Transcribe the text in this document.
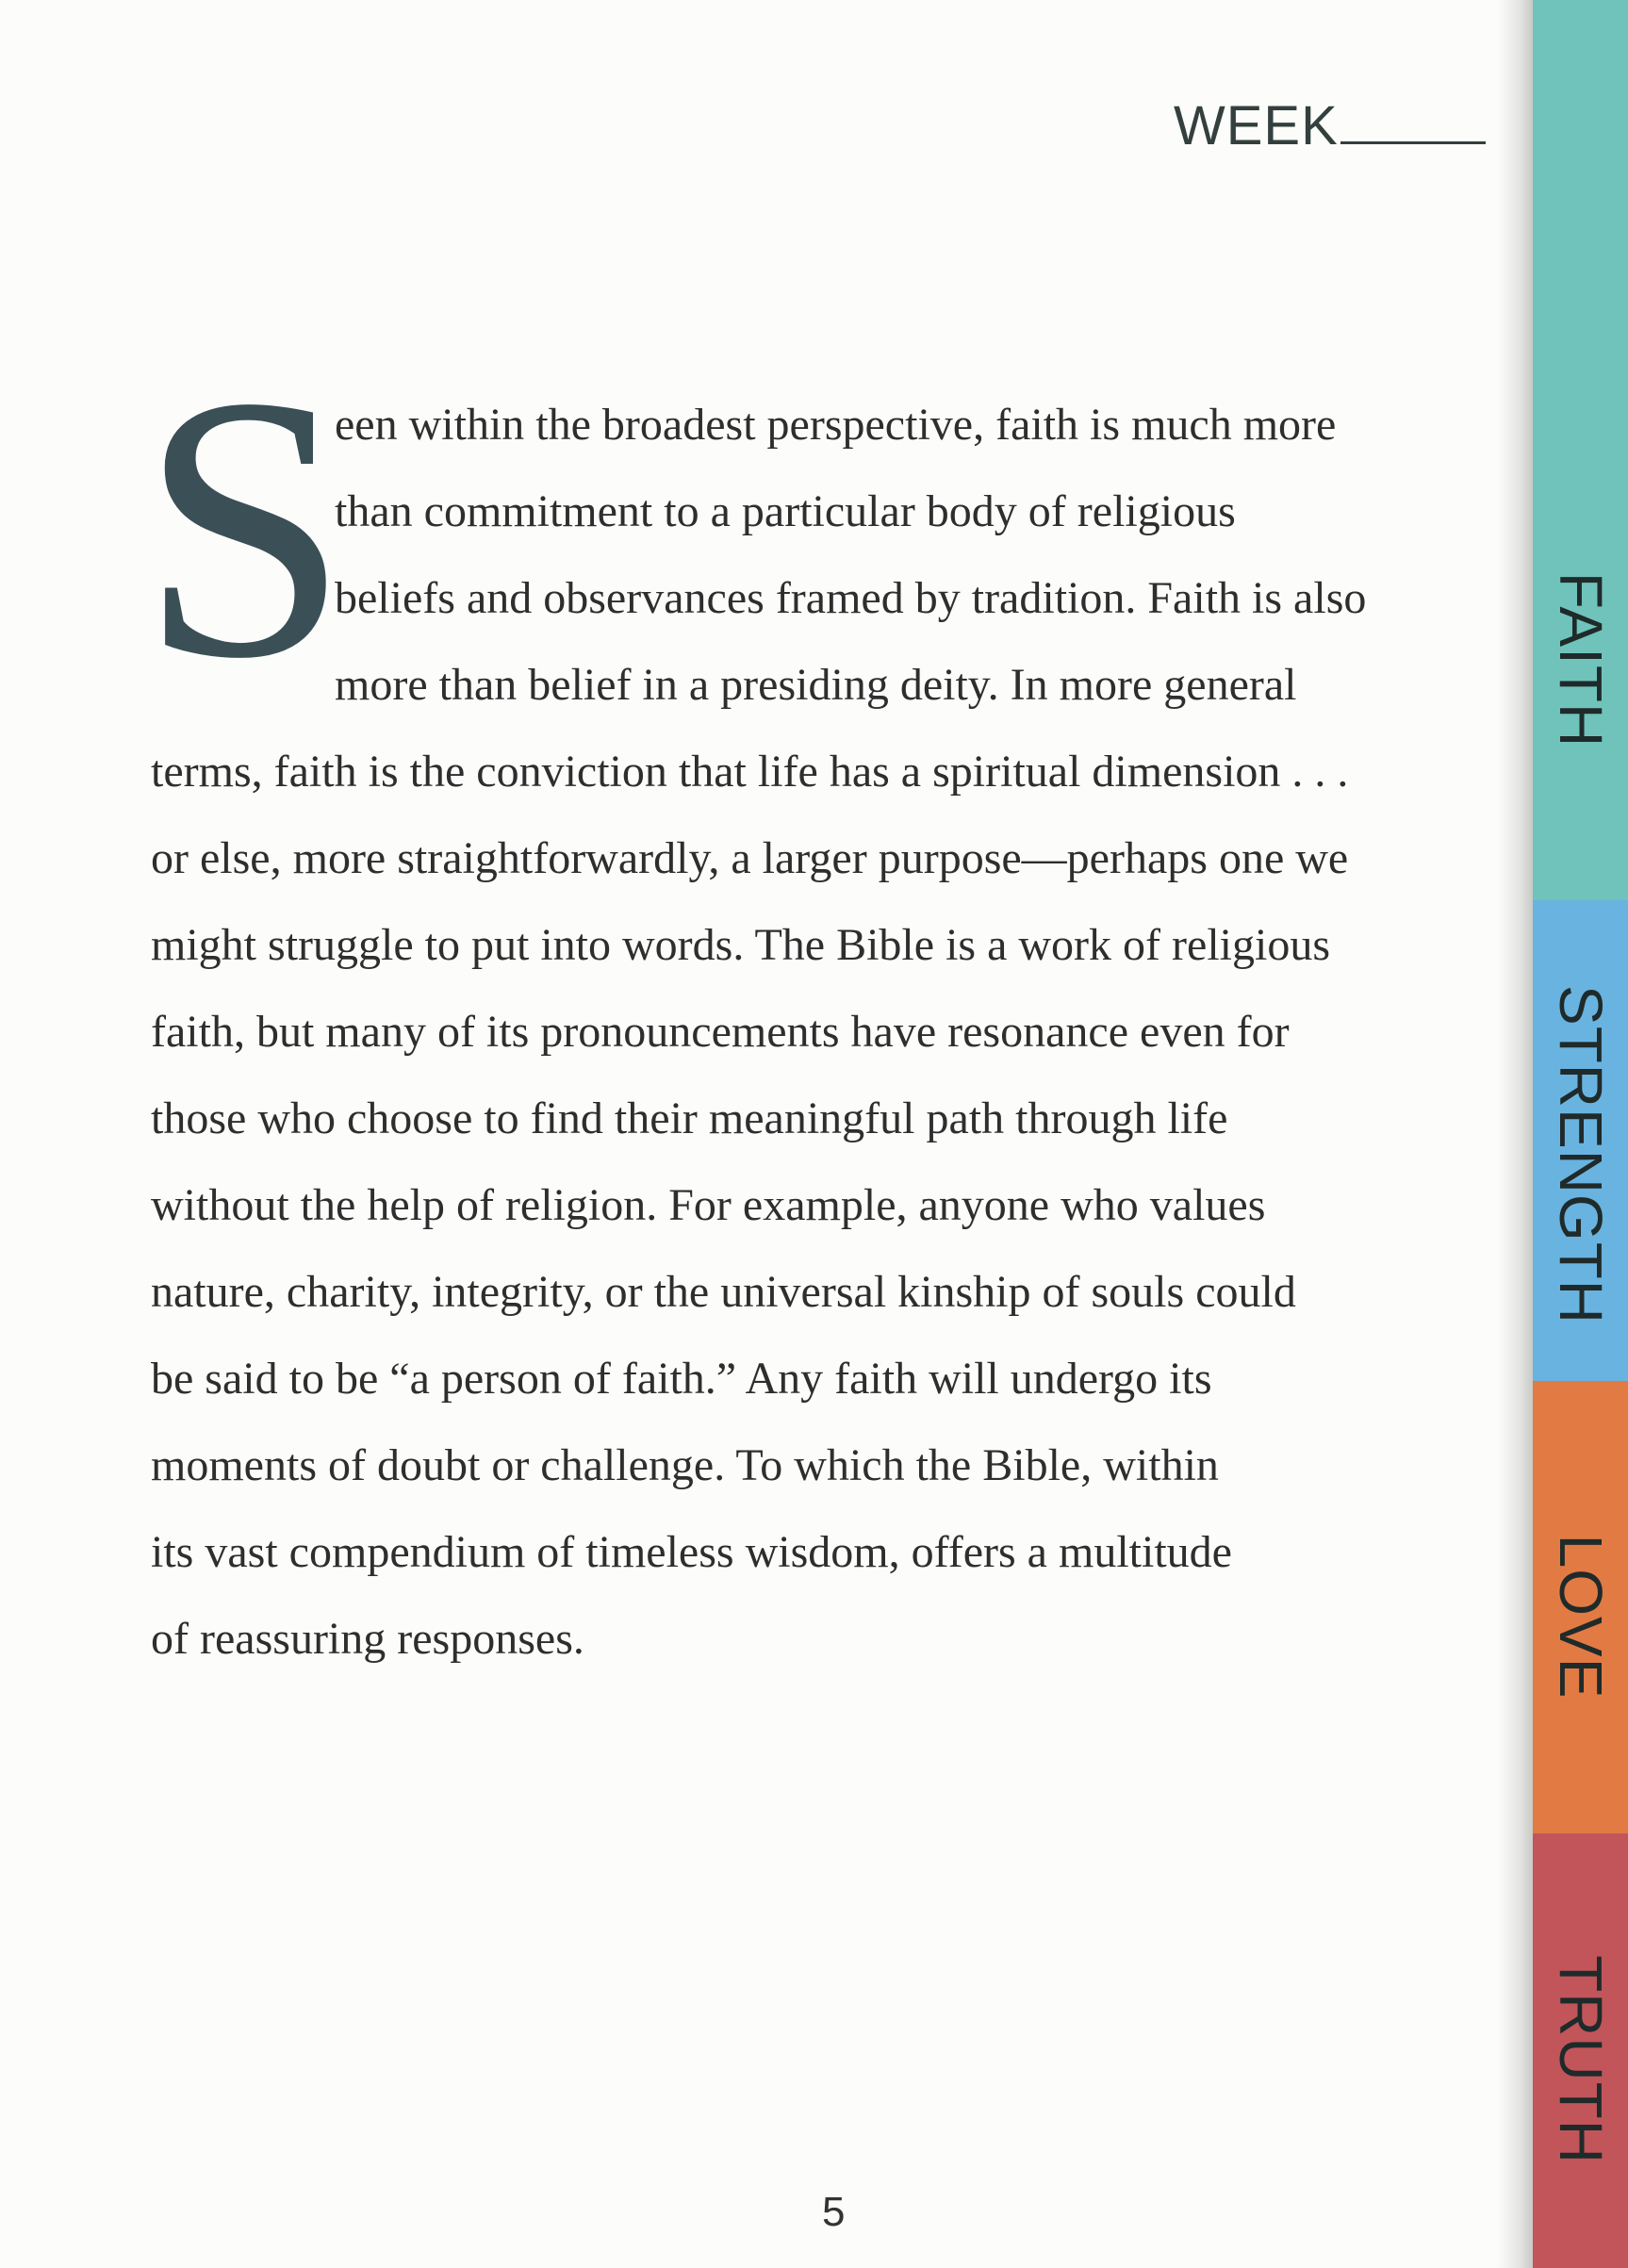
WEEK
S
een within the broadest perspective, faith is much more
than commitment to a particular body of religious
beliefs and observances framed by tradition. Faith is also
more than belief in a presiding deity. In more general
terms, faith is the conviction that life has a spiritual dimension . . .
or else, more straightforwardly, a larger purpose—perhaps one we
might struggle to put into words. The Bible is a work of religious
faith, but many of its pronouncements have resonance even for
those who choose to find their meaningful path through life
without the help of religion. For example, anyone who values
nature, charity, integrity, or the universal kinship of souls could
be said to be “a person of faith.” Any faith will undergo its
moments of doubt or challenge. To which the Bible, within
its vast compendium of timeless wisdom, offers a multitude
of reassuring responses.
5
FAITH
STRENGTH
LOVE
TRUTH
